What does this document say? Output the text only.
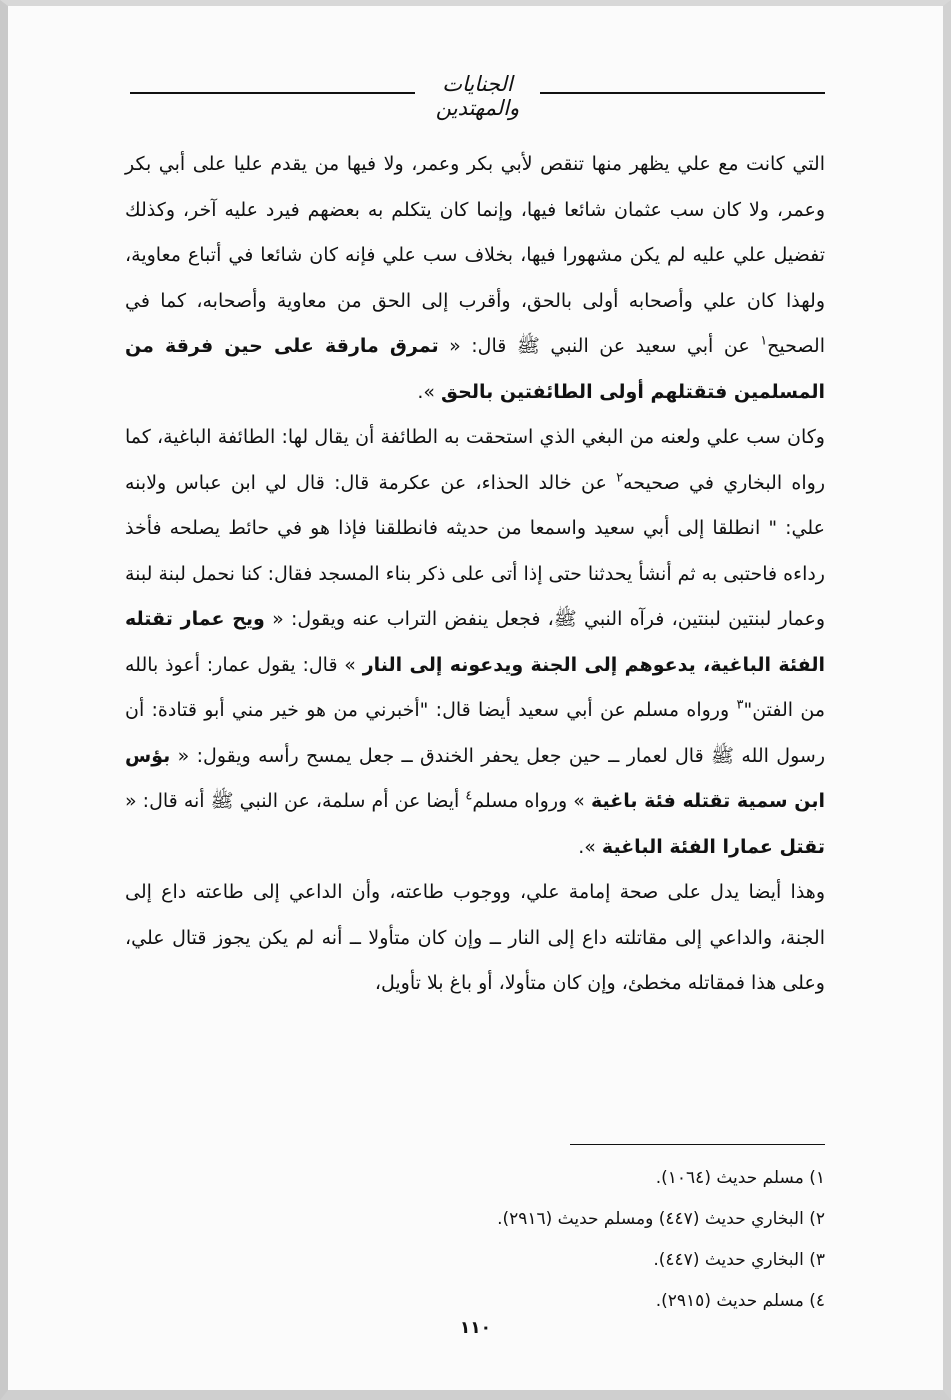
الجنايات والمهتدين

التي كانت مع علي يظهر منها تنقص لأبي بكر وعمر، ولا فيها من يقدم عليا على أبي بكر وعمر، ولا كان سب عثمان شائعا فيها، وإنما كان يتكلم به بعضهم فيرد عليه آخر، وكذلك تفضيل علي عليه لم يكن مشهورا فيها، بخلاف سب علي فإنه كان شائعا في أتباع معاوية، ولهذا كان علي وأصحابه أولى بالحق، وأقرب إلى الحق من معاوية وأصحابه، كما في الصحيح$^١$ عن أبي سعيد عن النبي ﷺ قال: « تمرق مارقة على حين فرقة من المسلمين فتقتلهم أولى الطائفتين بالحق ».

وكان سب علي ولعنه من البغي الذي استحقت به الطائفة أن يقال لها: الطائفة الباغية، كما رواه البخاري في صحيحه$^٢$ عن خالد الحذاء، عن عكرمة قال: قال لي ابن عباس ولابنه علي: " انطلقا إلى أبي سعيد واسمعا من حديثه فانطلقنا فإذا هو في حائط يصلحه فأخذ رداءه فاحتبى به ثم أنشأ يحدثنا حتى إذا أتى على ذكر بناء المسجد فقال: كنا نحمل لبنة لبنة وعمار لبنتين لبنتين، فرآه النبي ﷺ، فجعل ينفض التراب عنه ويقول: « ويح عمار تقتله الفئة الباغية، يدعوهم إلى الجنة ويدعونه إلى النار » قال: يقول عمار: أعوذ بالله من الفتن"$^٣$ ورواه مسلم عن أبي سعيد أيضا قال: "أخبرني من هو خير مني أبو قتادة: أن رسول الله ﷺ قال لعمار ــ حين جعل يحفر الخندق ــ جعل يمسح رأسه ويقول: « بؤس ابن سمية تقتله فئة باغية » ورواه مسلم$^٤$ أيضا عن أم سلمة، عن النبي ﷺ أنه قال: « تقتل عمارا الفئة الباغية ».

وهذا أيضا يدل على صحة إمامة علي، ووجوب طاعته، وأن الداعي إلى طاعته داع إلى الجنة، والداعي إلى مقاتلته داع إلى النار ــ وإن كان متأولا ــ أنه لم يكن يجوز قتال علي، وعلى هذا فمقاتله مخطئ، وإن كان متأولا، أو باغ بلا تأويل،

١) مسلم حديث (١٠٦٤).
٢) البخاري حديث (٤٤٧) ومسلم حديث (٢٩١٦).
٣) البخاري حديث (٤٤٧).
٤) مسلم حديث (٢٩١٥).
١١٠
